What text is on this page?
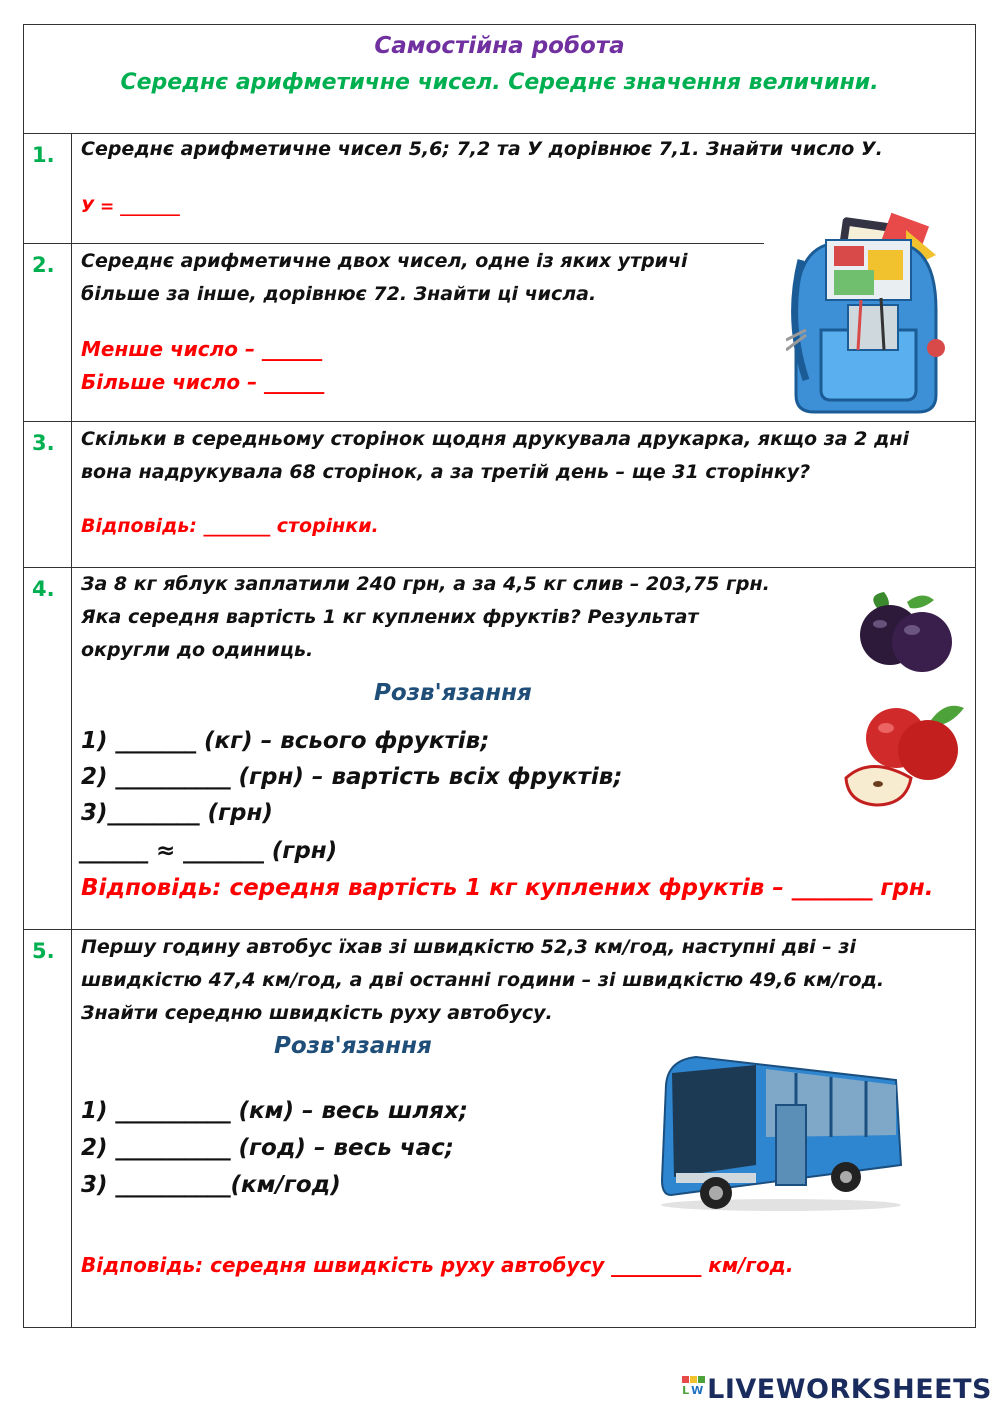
Самостійна робота
Середнє арифметичне чисел. Середнє значення величини.
1. Середнє арифметичне чисел 5,6; 7,2 та У дорівнює 7,1. Знайти число У.
У = _______
2. Середнє арифметичне двох чисел, одне із яких утричі
більше за інше, дорівнює 72. Знайти ці числа.
Менше число – ______
Більше число – ______
3. Скільки в середньому сторінок щодня друкувала друкарка, якщо за 2 дні
вона надрукувала 68 сторінок, а за третій день – ще 31 сторінку?
Відповідь: _______ сторінки.
4. За 8 кг яблук заплатили 240 грн, а за 4,5 кг слив – 203,75 грн.
Яка середня вартість 1 кг куплених фруктів? Результат
округли до одиниць.
Розв'язання
1) _______ (кг) – всього фруктів;
2) __________ (грн) – вартість всіх фруктів;
3)________ (грн)
______ ≈ _______ (грн)
Відповідь: середня вартість 1 кг куплених фруктів – _______ грн.
5. Першу годину автобус їхав зі швидкістю 52,3 км/год, наступні дві – зі
швидкістю 47,4 км/год, а дві останні години – зі швидкістю 49,6 км/год.
Знайти середню швидкість руху автобусу.
Розв'язання
1) __________ (км) – весь шлях;
2) __________ (год) – весь час;
3) __________(км/год)
Відповідь: середня швидкість руху автобусу _________ км/год.
L W LIVEWORKSHEETS
